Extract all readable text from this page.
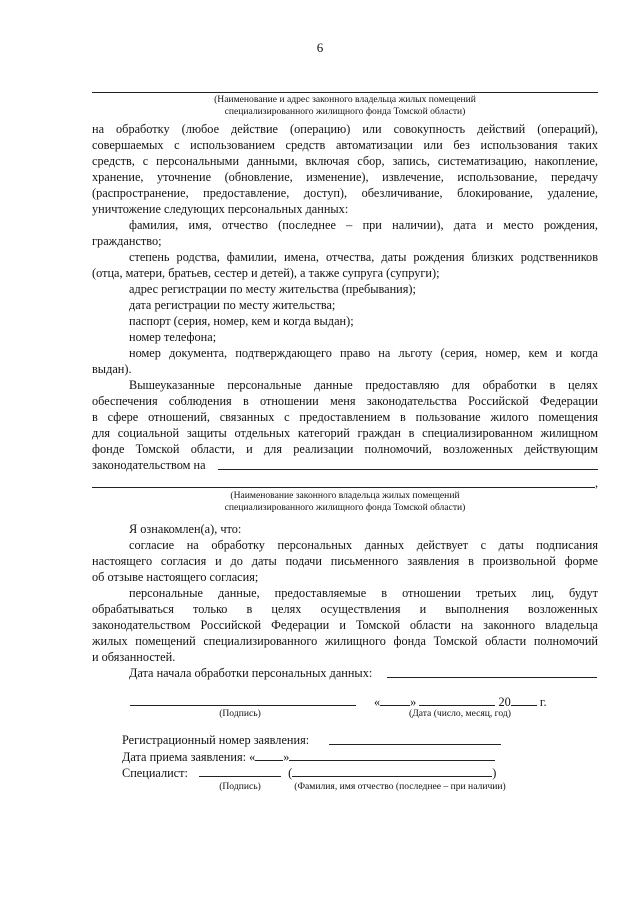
6
(Наименование и адрес законного владельца жилых помещений
специализированного жилищного фонда Томской области)
на обработку (любое действие (операцию) или совокупность действий (операций),
совершаемых с использованием средств автоматизации или без использования таких
средств, с персональными данными, включая сбор, запись, систематизацию, накопление,
хранение, уточнение (обновление, изменение), извлечение, использование, передачу
(распространение, предоставление, доступ), обезличивание, блокирование, удаление,
уничтожение следующих персональных данных:
фамилия, имя, отчество (последнее – при наличии), дата и место рождения,
гражданство;
степень родства, фамилии, имена, отчества, даты рождения близких родственников
(отца, матери, братьев, сестер и детей), а также супруга (супруги);
адрес регистрации по месту жительства (пребывания);
дата регистрации по месту жительства;
паспорт (серия, номер, кем и когда выдан);
номер телефона;
номер документа, подтверждающего право на льготу (серия, номер, кем и когда
выдан).
Вышеуказанные персональные данные предоставляю для обработки в целях
обеспечения соблюдения в отношении меня законодательства Российской Федерации
в сфере отношений, связанных с предоставлением в пользование жилого помещения
для социальной защиты отдельных категорий граждан в специализированном жилищном
фонде Томской области, и для реализации полномочий, возложенных действующим
законодательством на
,
(Наименование законного владельца жилых помещений
специализированного жилищного фонда Томской области)
Я ознакомлен(а), что:
согласие на обработку персональных данных действует с даты подписания
настоящего согласия и до даты подачи письменного заявления в произвольной форме
об отзыве настоящего согласия;
персональные данные, предоставляемые в отношении третьих лиц, будут
обрабатываться только в целях осуществления и выполнения возложенных
законодательством Российской Федерации и Томской области на законного владельца
жилых помещений специализированного жилищного фонда Томской области полномочий
и обязанностей.
Дата начала обработки персональных данных:
« »	20 г.
(Подпись)	(Дата (число, месяц, год)
Регистрационный номер заявления:
Дата приема заявления: « »
Специалист:	(	)
(Подпись)	(Фамилия, имя отчество (последнее – при наличии)
